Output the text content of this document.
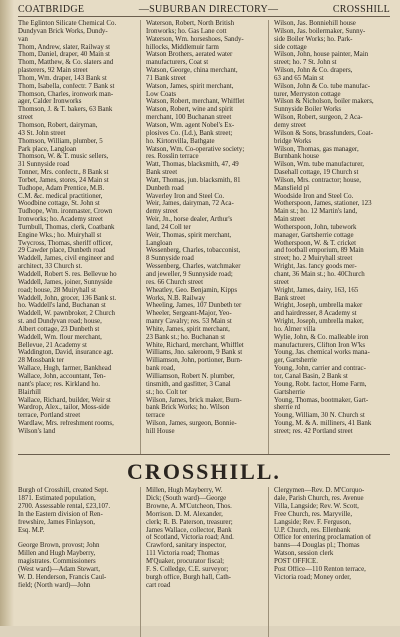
COATBRIDGE	—SUBURBAN DIRECTORY—	CROSSHILL
The Eglinton Silicate Chemical Co.
Dundyvan Brick Works, Dundy-
van
Thom, Andrew, slater, Railway st
Thom, Daniel, draper, 40 Main st
Thom, Matthew, & Co. slaters and
plasterers, 92 Main street
Thom, Wm. draper, 143 Bank st
Thom, Isabella, confectr. 7 Bank st
Thomson, Charles, ironwork man-
ager, Calder Ironworks
Thomson, J. & T. bakers, 63 Bank
street
Thomson, Robert, dairyman,
43 St. John street
Thomson, William, plumber, 5
Park place, Langloan
Thomson, W. & T. music sellers,
31 Sunnyside road
Tonner, Mrs. confectr., 8 Bank st
Torbet, James, stores, 24 Main st
Tudhope, Adam Prentice, M.B.
C.M. &c. medical practitioner,
Woodbine cottage, St. John st
Tudhope, Wm. ironmaster, Crown
Ironworks; ho. Academy street
Turnbull, Thomas, clerk, Coatbank
Engine Wks.; ho. Muiryhall st
Twycross, Thomas, sheriff officer,
29 Cawder place, Dunbeth road
Waddell, James, civil engineer and
architect, 33 Church st.
Waddell, Robert S. res. Bellevue ho
Waddell, James, joiner, Sunnyside
road; house, 28 Muiryhall st
Waddell, John, grocer, 136 Bank st.
ho. Waddell's land, Buchanan st
Waddell, W. pawnbroker, 2 Church
st. and Dundyvan road; house,
Albert cottage, 23 Dunbeth st
Waddell, Wm. flour merchant,
Bellevue, 21 Academy st
Waddington, David, insurance agt.
28 Mossbank ter
Wallace, Hugh, farmer, Bankhead
Wallace, John, accountant, Ten-
nant's place; res. Kirkland ho.
Blairhill
Wallace, Richard, builder, Weir st
Wardrop, Alex., tailor, Moss-side
terrace, Portland street
Wardlaw, Mrs. refreshment rooms,
Wilson's land
Waterson, Robert, North British
Ironworks; ho. Gas Lane cott
Waterson, Wm. horseshoes, Sandy-
hillocks, Middlemuir farm
Watson Brothers, aerated water
manufacturers, Coat st
Watson, George, china merchant,
71 Bank street
Watson, James, spirit merchant,
Low Coats
Watson, Robert, merchant, Whifflet
Watson, Robert, wine and spirit
merchant, 100 Buchanan street
Watson, Wm. agent Nobel's Ex-
plosives Co. (Ld.), Bank street;
ho. Kirtonvilla, Bathgate
Watson, Wm. Co-operative society;
res. Rosslin terrace
Watt, Thomas, blacksmith, 47, 49
Bank street
Watt, Thomas, jun. blacksmith, 81
Dunbeth road
Waverley Iron and Steel Co.
Weir, James, dairyman, 72 Aca-
demy street
Weir, Jn., horse dealer, Arthur's
land, 24 Coll ter
Weir, Thomas, spirit merchant,
Langloan
Wessenberg, Charles, tobacconist,
8 Sunnyside road
Wessenberg, Charles, watchmaker
and jeweller, 9 Sunnyside road;
res. 66 Church street
Wheatley, Geo. Benjamin, Kipps
Works, N.B. Railway
Wheeling, James, 107 Dunbeth ter
Wheeler, Sergeant-Major, Yeo-
manry Cavalry; res. 53 Main st
White, James, spirit merchant,
23 Bank st.; ho. Buchanan st
White, Richard, merchant, Whifflet
Williams, Jno. saleroom, 9 Bank st
Williamson, John, portioner, Burn-
bank road,
Williamson, Robert N. plumber,
tinsmith, and gasfitter, 3 Canal
st.; ho. Colt ter
Wilson, James, brick maker, Burn-
bank Brick Works; ho. Wilson
terrace
Wilson, James, surgeon, Bonnie-
hill House
Wilson, Jas. Bonniehill house
Wilson, Jas. boilermaker, Sunny-
side Boiler Works; ho. Park-
side cottage
Wilson, John, house painter, Main
street; ho. 7 St. John st
Wilson, John & Co. drapers,
63 and 65 Main st
Wilson, John & Co. tube manufac-
turer, Merryston cottage
Wilson & Nicholson, boiler makers,
Sunnyside Boiler Works
Wilson, Robert, surgeon, 2 Aca-
demy street
Wilson & Sons, brassfunders, Coat-
bridge Works
Wilson, Thomas, gas manager,
Burnbank house
Wilson, Wm. tube manufacturer,
Dasehall cottage, 19 Church st
Wilson, Mrs. contractor; house,
Mansfield pl
Woodside Iron and Steel Co.
Wotherspoon, James, stationer, 123
Main st.; ho. 12 Martin's land,
Main street
Wotherspoon, John, tubework
manager, Gartsherrie cottage
Wotherspoon, W. & T. cricket
and football emporium, 89 Main
street; ho. 2 Muiryhall street
Wright, Jas. fancy goods mer-
chant, 36 Main st.; ho. 40Church
street
Wright, James, dairy, 163, 165
Bank street
Wright, Joseph, umbrella maker
and hairdresser, 8 Academy st
Wright, Joseph, umbrella maker,
ho. Almer villa
Wylie, John, & Co. malleable iron
manufacturers, Clifton Iron W'ks
Young, Jas. chemical works mana-
ger, Gartsherrie
Young, John, carrier and contrac-
tor, Canal Basin, 2 Bank st
Young, Robt. factor, Home Farm,
Gartsherrie
Young, Thomas, bootmaker, Gart-
sherrie rd
Young, William, 30 N. Church st
Young, M. & A. milliners, 41 Bank
street; res. 42 Portland street
CROSSHILL.
Burgh of Crosshill, created Sept.
1871. Estimated population,
2700. Assessable rental, £23,107.
In the Eastern division of Ren-
frewshire, James Finlayson,
Esq. M.P.

George Brown, provost; John
Millen and Hugh Mayberry,
magistrates. Commissioners
(West ward)—Adam Stewart,
W. D. Henderson, Francis Caul-
field; (North ward)—John
Millen, Hugh Mayberry, W.
Dick; (South ward)—George
Browne, A. M'Cutcheon, Thos.
Morrison. D. M. Alexander,
clerk; R. B. Paterson, treasurer;
James Wallace, collector, Bank
of Scotland, Victoria road; And.
Crawford, sanitary inspector,
111 Victoria road; Thomas
M'Quaker, procurator fiscal;
F. S. Colledge, C.E. surveyor;
burgh office, Burgh hall, Cath-
cart road
Clergymen—Rev. D. M'Corquo-
dale, Parish Church, res. Avenue
Villa, Langside; Rev. W. Scott,
Free Church, res. Maryville,
Langside; Rev. F. Ferguson,
U.P. Church, res. Ellenbank
Office for entering proclamation of
banns—4 Douglas pl.; Thomas
Watson, session clerk
POST OFFICE.
Post Office—110 Renton terrace,
Victoria road; Money order,
